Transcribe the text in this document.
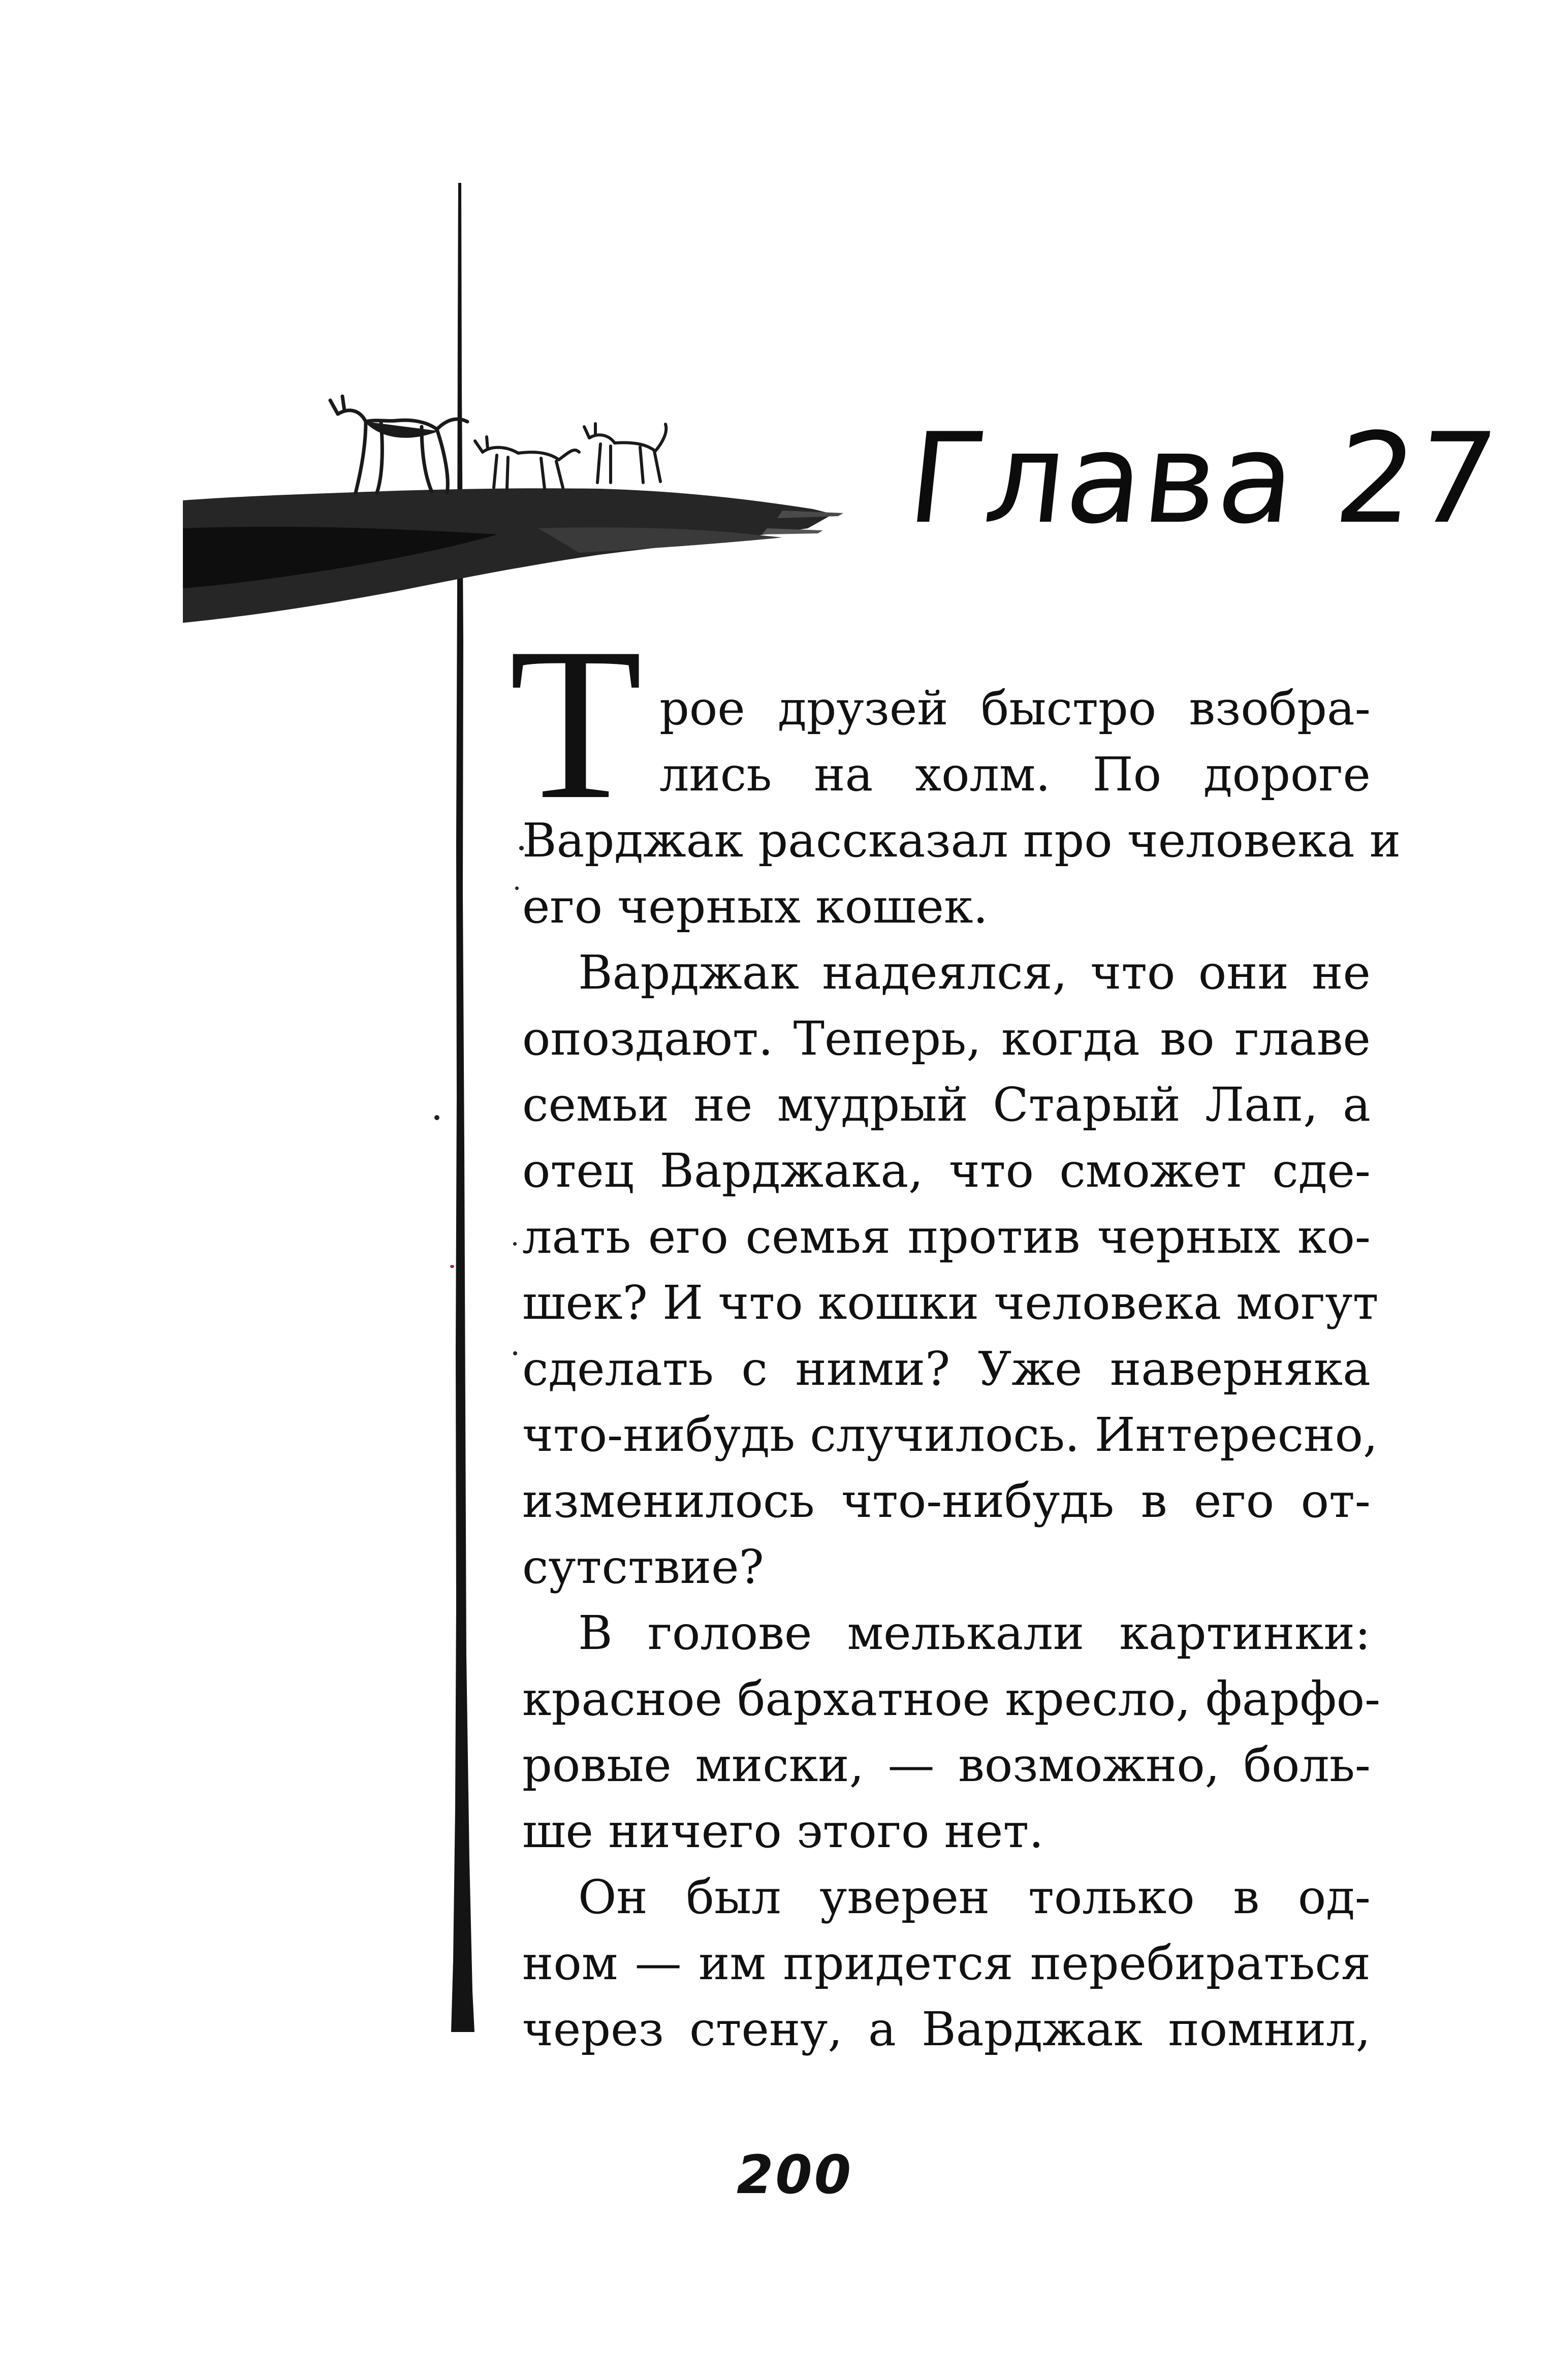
Глава 27
Т рое друзей быстро взобра-
лись на холм. По дороге
Варджак рассказал про человека и
его черных кошек.
Варджак надеялся, что они не
опоздают. Теперь, когда во главе
семьи не мудрый Старый Лап, а
отец Варджака, что сможет сде-
лать его семья против черных ко-
шек? И что кошки человека могут
сделать с ними? Уже наверняка
что-нибудь случилось. Интересно,
изменилось что-нибудь в его от-
сутствие?
В голове мелькали картинки:
красное бархатное кресло, фарфо-
ровые миски, — возможно, боль-
ше ничего этого нет.
Он был уверен только в од-
ном — им придется перебираться
через стену, а Варджак помнил,
200
